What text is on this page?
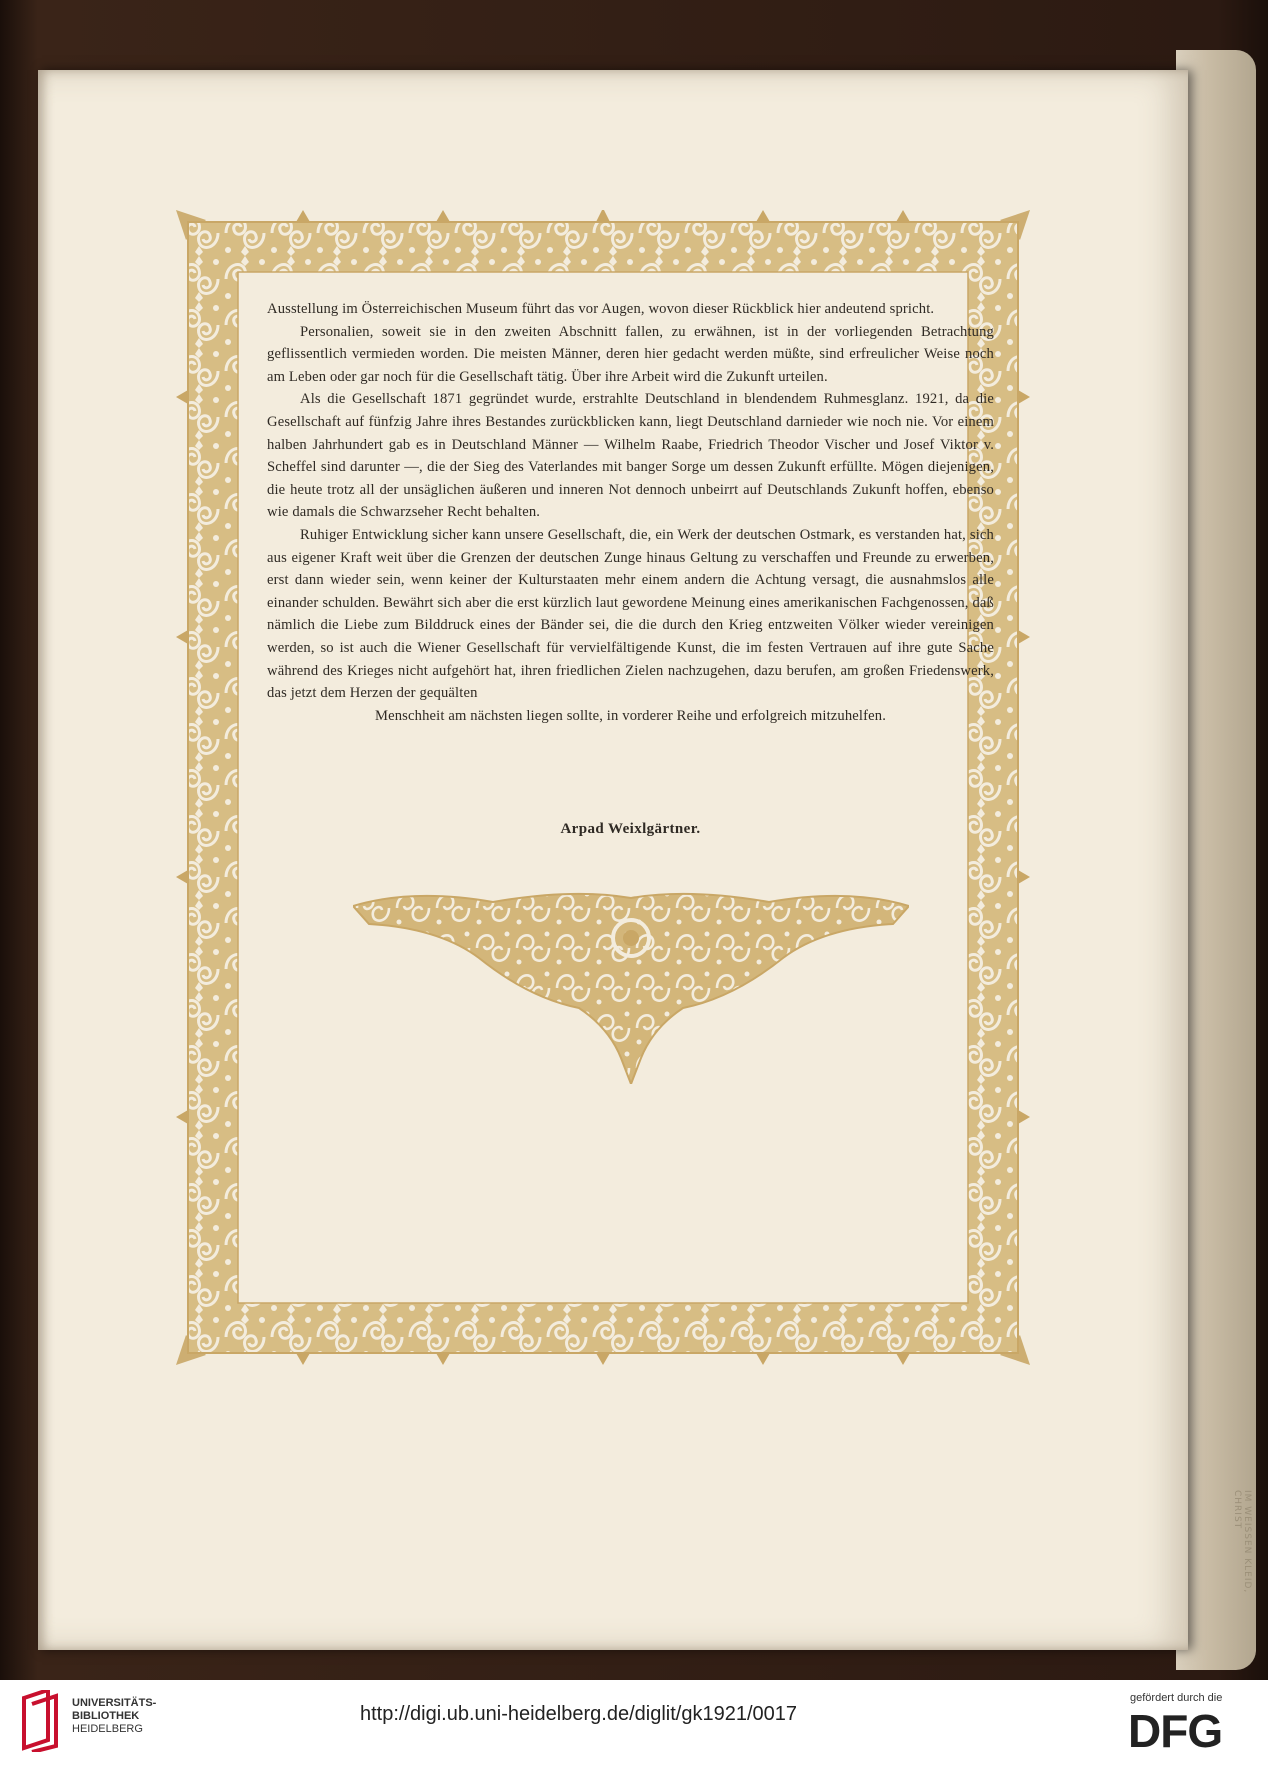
IM WEISSEN KLEID, CHRIST

Ausstellung im Österreichischen Museum führt das vor Augen, wovon dieser Rückblick hier andeutend spricht.

Personalien, soweit sie in den zweiten Abschnitt fallen, zu erwähnen, ist in der vorliegenden Betrachtung geflissentlich vermieden worden. Die meisten Männer, deren hier gedacht werden müßte, sind erfreulicher Weise noch am Leben oder gar noch für die Gesellschaft tätig. Über ihre Arbeit wird die Zukunft urteilen.

Als die Gesellschaft 1871 gegründet wurde, erstrahlte Deutschland in blendendem Ruhmesglanz. 1921, da die Gesellschaft auf fünfzig Jahre ihres Bestandes zurückblicken kann, liegt Deutschland darnieder wie noch nie. Vor einem halben Jahrhundert gab es in Deutschland Männer — Wilhelm Raabe, Friedrich Theodor Vischer und Josef Viktor v. Scheffel sind darunter —, die der Sieg des Vaterlandes mit banger Sorge um dessen Zukunft erfüllte. Mögen diejenigen, die heute trotz all der unsäglichen äußeren und inneren Not dennoch unbeirrt auf Deutschlands Zukunft hoffen, ebenso wie damals die Schwarzseher Recht behalten.

Ruhiger Entwicklung sicher kann unsere Gesellschaft, die, ein Werk der deutschen Ostmark, es verstanden hat, sich aus eigener Kraft weit über die Grenzen der deutschen Zunge hinaus Geltung zu verschaffen und Freunde zu erwerben, erst dann wieder sein, wenn keiner der Kulturstaaten mehr einem andern die Achtung versagt, die ausnahmslos alle einander schulden. Bewährt sich aber die erst kürzlich laut gewordene Meinung eines amerikanischen Fachgenossen, daß nämlich die Liebe zum Bilddruck eines der Bänder sei, die die durch den Krieg entzweiten Völker wieder vereinigen werden, so ist auch die Wiener Gesellschaft für vervielfältigende Kunst, die im festen Vertrauen auf ihre gute Sache während des Krieges nicht aufgehört hat, ihren friedlichen Zielen nachzugehen, dazu berufen, am großen Friedenswerk, das jetzt dem Herzen der gequälten

Menschheit am nächsten liegen sollte, in vorderer Reihe und erfolgreich mitzuhelfen.

Arpad Weixlgärtner.
UNIVERSITÄTS-
BIBLIOTHEK
HEIDELBERG
http://digi.ub.uni-heidelberg.de/diglit/gk1921/0017
gefördert durch die
DFG
